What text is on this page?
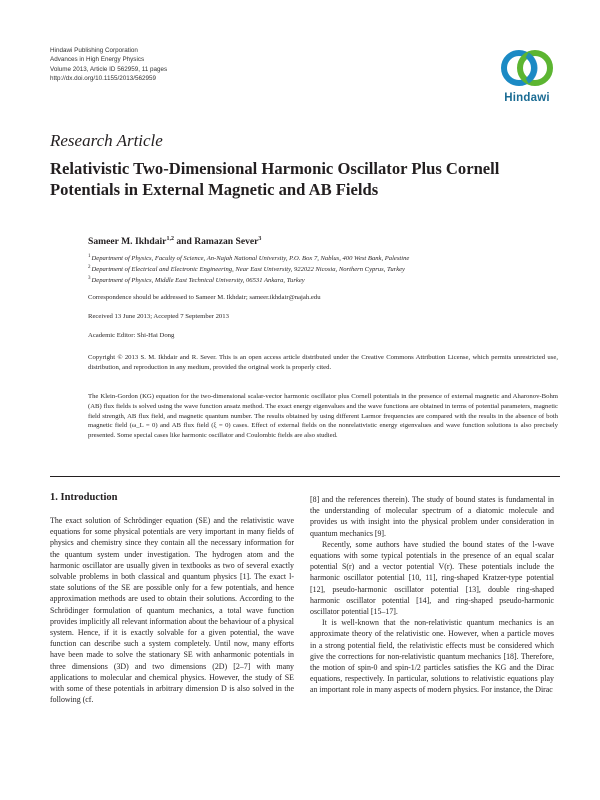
Hindawi Publishing Corporation
Advances in High Energy Physics
Volume 2013, Article ID 562959, 11 pages
http://dx.doi.org/10.1155/2013/562959
Hindawi
Research Article
Relativistic Two-Dimensional Harmonic Oscillator Plus Cornell Potentials in External Magnetic and AB Fields
Sameer M. Ikhdair$^{1,2}$ and Ramazan Sever$^3$
$^1$Department of Physics, Faculty of Science, An-Najah National University, P.O. Box 7, Nablus, 400 West Bank, Palestine
$^2$Department of Electrical and Electronic Engineering, Near East University, 922022 Nicosia, Northern Cyprus, Turkey
$^3$Department of Physics, Middle East Technical University, 06531 Ankara, Turkey
Correspondence should be addressed to Sameer M. Ikhdair; sameer.ikhdair@najah.edu
Received 13 June 2013; Accepted 7 September 2013
Academic Editor: Shi-Hai Dong
Copyright © 2013 S. M. Ikhdair and R. Sever. This is an open access article distributed under the Creative Commons Attribution License, which permits unrestricted use, distribution, and reproduction in any medium, provided the original work is properly cited.
The Klein-Gordon (KG) equation for the two-dimensional scalar-vector harmonic oscillator plus Cornell potentials in the presence of external magnetic and Aharonov-Bohm (AB) flux fields is solved using the wave function ansatz method. The exact energy eigenvalues and the wave functions are obtained in terms of potential parameters, magnetic field strength, AB flux field, and magnetic quantum number. The results obtained by using different Larmor frequencies are compared with the results in the absence of both magnetic field (ω_L = 0) and AB flux field (ξ = 0) cases. Effect of external fields on the nonrelativistic energy eigenvalues and wave function solutions is also precisely presented. Some special cases like harmonic oscillator and Coulombic fields are also studied.
1. Introduction

The exact solution of Schrödinger equation (SE) and the relativistic wave equations for some physical potentials are very important in many fields of physics and chemistry since they contain all the necessary information for the quantum system under investigation. The hydrogen atom and the harmonic oscillator are usually given in textbooks as two of several exactly solvable problems in both classical and quantum physics [1]. The exact l-state solutions of the SE are possible only for a few potentials, and hence approximation methods are used to obtain their solutions. According to the Schrödinger formulation of quantum mechanics, a total wave function provides implicitly all relevant information about the behaviour of a physical system. Hence, if it is exactly solvable for a given potential, the wave function can describe such a system completely. Until now, many efforts have been made to solve the stationary SE with anharmonic potentials in three dimensions (3D) and two dimensions (2D) [2–7] with many applications to molecular and chemical physics. However, the study of SE with some of these potentials in arbitrary dimension D is also solved in the following (cf.

[8] and the references therein). The study of bound states is fundamental in the understanding of molecular spectrum of a diatomic molecule and provides us with insight into the physical problem under consideration in quantum mechanics [9].

Recently, some authors have studied the bound states of the l-wave equations with some typical potentials in the presence of an equal scalar potential S(r) and a vector potential V(r). These potentials include the harmonic oscillator potential [10, 11], ring-shaped Kratzer-type potential [12], pseudo-harmonic oscillator potential [13], double ring-shaped harmonic oscillator potential [14], and ring-shaped pseudo-harmonic oscillator potential [15–17].

It is well-known that the non-relativistic quantum mechanics is an approximate theory of the relativistic one. However, when a particle moves in a strong potential field, the relativistic effects must be considered which give the corrections for non-relativistic quantum mechanics [18]. Therefore, the motion of spin-0 and spin-1/2 particles satisfies the KG and the Dirac equations, respectively. In particular, solutions to relativistic equations play an important role in many aspects of modern physics. For instance, the Dirac
